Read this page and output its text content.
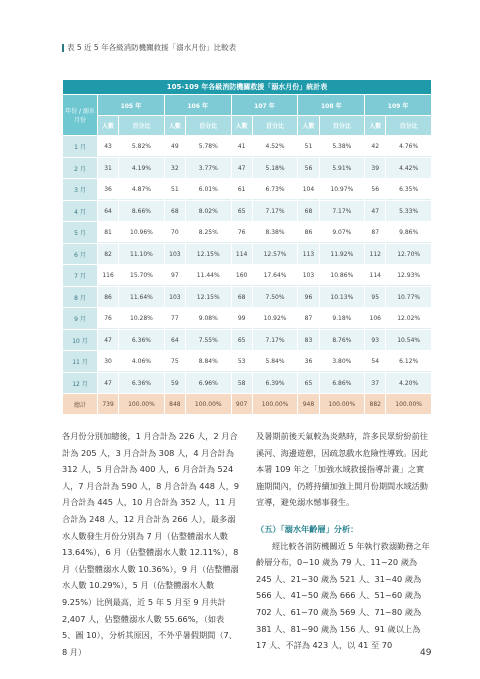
表 5 近 5 年各級消防機關救援「溺水月份」比較表
105-109 年各級消防機關救援「溺水月份」統計表										
年份 / 溺水月份	105 年		106 年		107 年		108 年		109 年	
	人數	百分比	人數	百分比	人數	百分比	人數	百分比	人數	百分比
1 月	43	5.82%	49	5.78%	41	4.52%	51	5.38%	42	4.76%
2 月	31	4.19%	32	3.77%	47	5.18%	56	5.91%	39	4.42%
3 月	36	4.87%	51	6.01%	61	6.73%	104	10.97%	56	6.35%
4 月	64	8.66%	68	8.02%	65	7.17%	68	7.17%	47	5.33%
5 月	81	10.96%	70	8.25%	76	8.38%	86	9.07%	87	9.86%
6 月	82	11.10%	103	12.15%	114	12.57%	113	11.92%	112	12.70%
7 月	116	15.70%	97	11.44%	160	17.64%	103	10.86%	114	12.93%
8 月	86	11.64%	103	12.15%	68	7.50%	96	10.13%	95	10.77%
9 月	76	10.28%	77	9.08%	99	10.92%	87	9.18%	106	12.02%
10 月	47	6.36%	64	7.55%	65	7.17%	83	8.76%	93	10.54%
11 月	30	4.06%	75	8.84%	53	5.84%	36	3.80%	54	6.12%
12 月	47	6.36%	59	6.96%	58	6.39%	65	6.86%	37	4.20%
總計	739	100.00%	848	100.00%	907	100.00%	948	100.00%	882	100.00%
各月份分別加總後，1 月合計為 226 人，2 月合計為 205 人，3 月合計為 308 人，4 月合計為 312 人，5 月合計為 400 人，6 月合計為 524 人，7 月合計為 590 人，8 月合計為 448 人，9 月合計為 445 人，10 月合計為 352 人，11 月合計為 248 人，12 月合計為 266 人），最多溺水人數發生月份分別為 7 月（佔整體溺水人數 13.64%），6 月（佔整體溺水人數 12.11%），8 月（佔整體溺水人數 10.36%），9 月（佔整體溺水人數 10.29%），5 月（佔整體溺水人數 9.25%）比例最高，近 5 年 5 月至 9 月共計 2,407 人，佔整體溺水人數 55.66%，（如表 5、圖 10），分析其原因，不外乎暑假期間（7、8 月）
及暑期前後天氣較為炎熱時，許多民眾紛紛前往溪河、海邊遊憩，因疏忽戲水危險性導致。因此本署 109 年之「加強水域救援指導計畫」之實施期間內，仍將持續加強上開月份期間水域活動宣導，避免溺水憾事發生。
（五）「溺水年齡層」分析：
經比較各消防機關近 5 年執行救溺勤務之年齡層分布，0~10 歲為 79 人、11~20 歲為 245 人、21~30 歲為 521 人、31~40 歲為 566 人、41~50 歲為 666 人、51~60 歲為 702 人、61~70 歲為 569 人、71~80 歲為 381 人、81~90 歲為 156 人、91 歲以上為 17 人、不詳為 423 人，以 41 至 70
49
